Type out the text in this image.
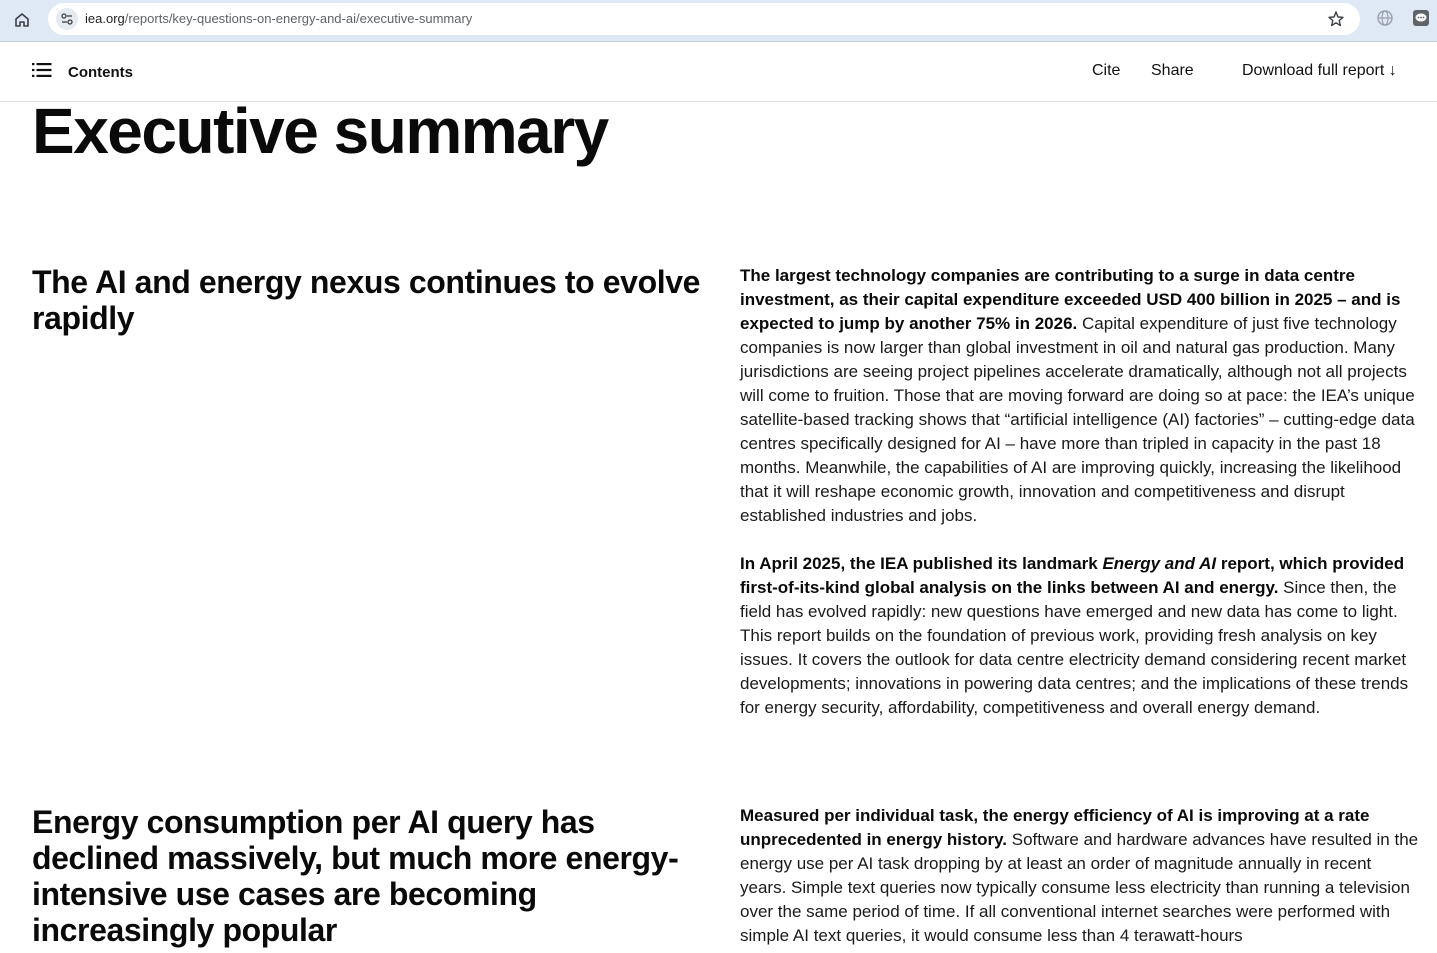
iea.org/reports/key-questions-on-energy-and-ai/executive-summary
Contents	Cite Share	Download full report ↓
Executive summary
The AI and energy nexus continues to evolve rapidly

The largest technology companies are contributing to a surge in data centre investment, as their capital expenditure exceeded USD 400 billion in 2025 – and is expected to jump by another 75% in 2026. Capital expenditure of just five technology companies is now larger than global investment in oil and natural gas production. Many jurisdictions are seeing project pipelines accelerate dramatically, although not all projects will come to fruition. Those that are moving forward are doing so at pace: the IEA’s unique satellite-based tracking shows that “artificial intelligence (AI) factories” – cutting-edge data centres specifically designed for AI – have more than tripled in capacity in the past 18 months. Meanwhile, the capabilities of AI are improving quickly, increasing the likelihood that it will reshape economic growth, innovation and competitiveness and disrupt established industries and jobs.

In April 2025, the IEA published its landmark Energy and AI report, which provided first-of-its-kind global analysis on the links between AI and energy. Since then, the field has evolved rapidly: new questions have emerged and new data has come to light. This report builds on the foundation of previous work, providing fresh analysis on key issues. It covers the outlook for data centre electricity demand considering recent market developments; innovations in powering data centres; and the implications of these trends for energy security, affordability, competitiveness and overall energy demand.

Energy consumption per AI query has declined massively, but much more energy-intensive use cases are becoming increasingly popular

Measured per individual task, the energy efficiency of AI is improving at a rate unprecedented in energy history. Software and hardware advances have resulted in the energy use per AI task dropping by at least an order of magnitude annually in recent years. Simple text queries now typically consume less electricity than running a television over the same period of time. If all conventional internet searches were performed with simple AI text queries, it would consume less than 4 terawatt-hours
